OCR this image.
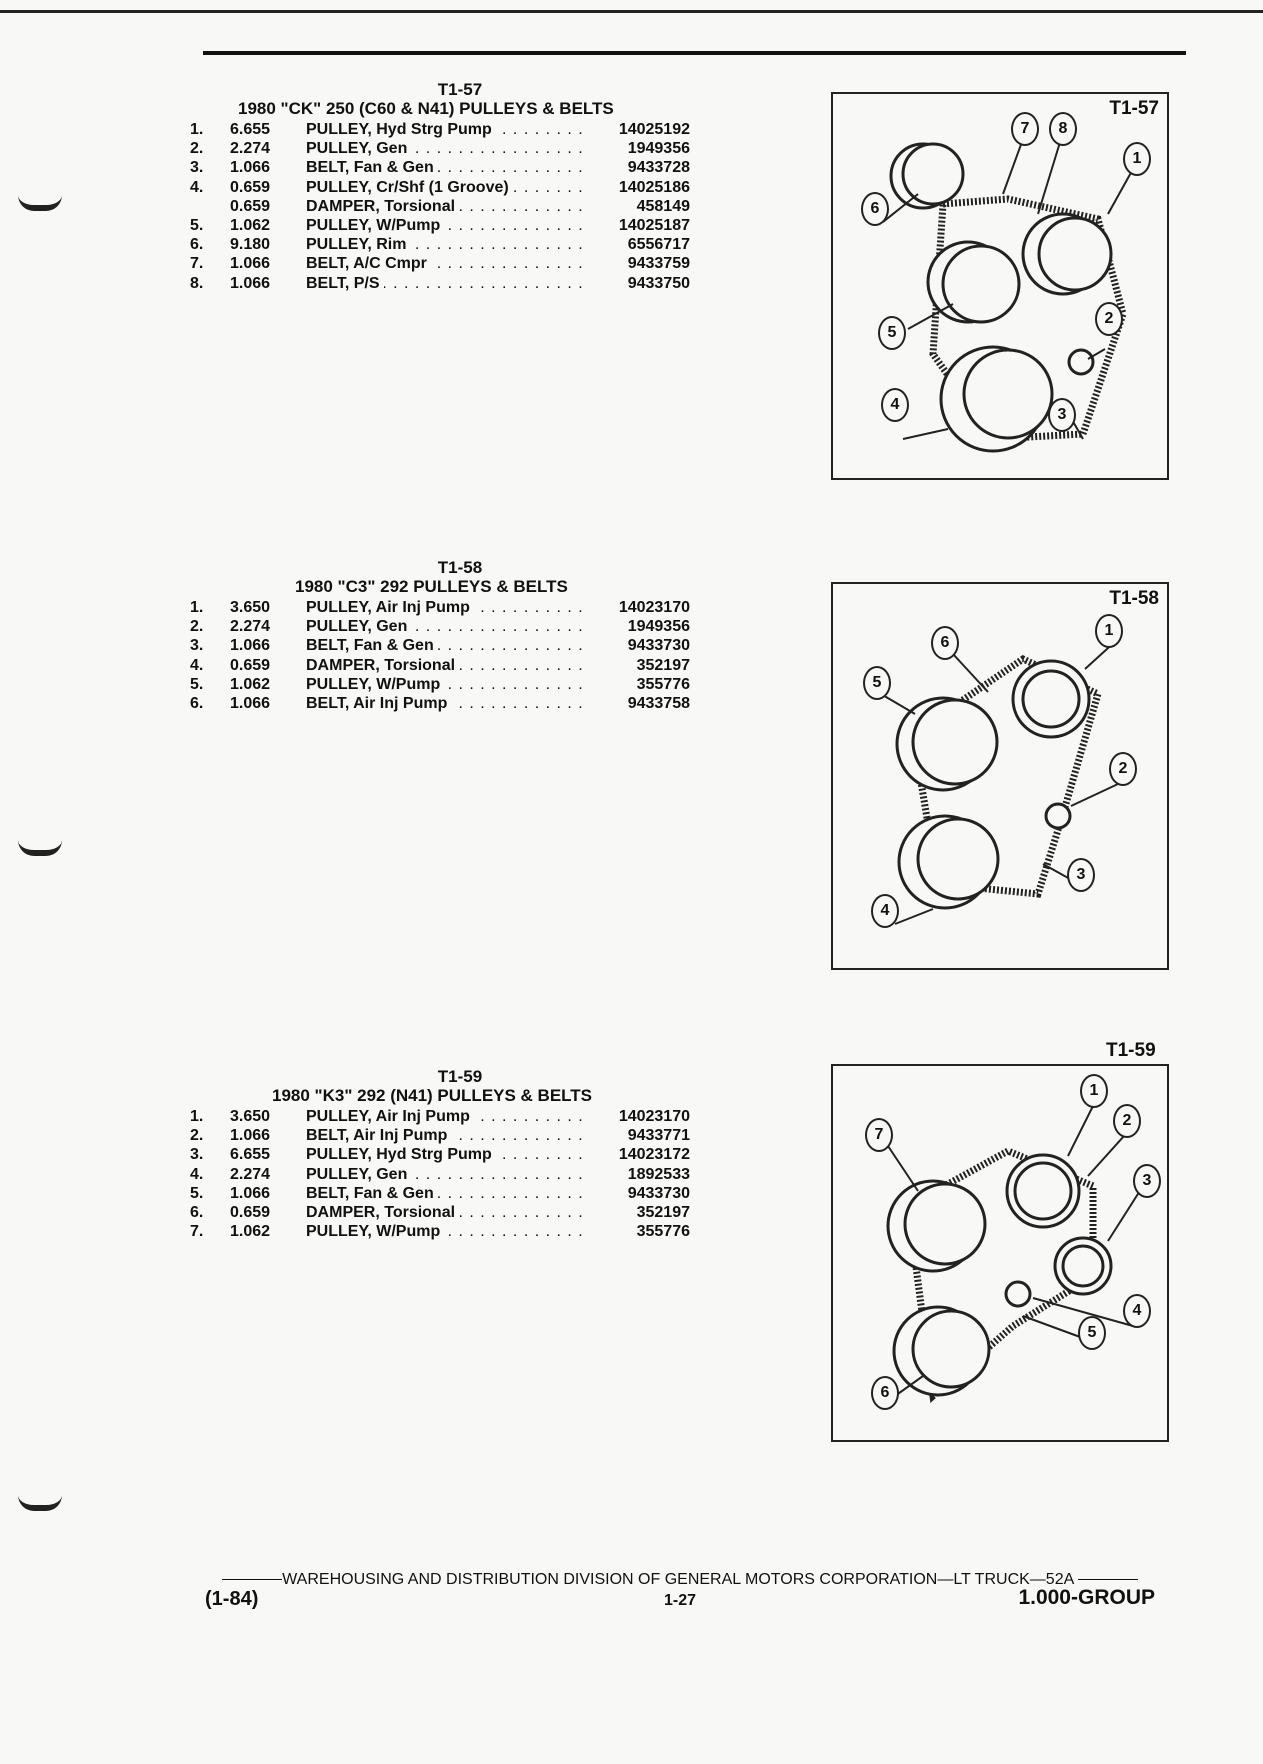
T1-57
1980 "CK" 250 (C60 & N41) PULLEYS & BELTS
1.	6.655	PULLEY, Hyd Strg Pump . . .	14025192
2.	2.274	PULLEY, Gen . . .	1949356
3.	1.066	BELT, Fan & Gen . . .	9433728
4.	0.659	PULLEY, Cr/Shf (1 Groove) . . .	14025186
0.659	DAMPER, Torsional . . .	458149
5.	1.062	PULLEY, W/Pump . . .	14025187
6.	9.180	PULLEY, Rim . . .	6556717
7.	1.066	BELT, A/C Cmpr . . .	9433759
8.	1.066	BELT, P/S . . .	9433750
T1-58
1980 "C3" 292 PULLEYS & BELTS
1.	3.650	PULLEY, Air Inj Pump . . .	14023170
2.	2.274	PULLEY, Gen . . .	1949356
3.	1.066	BELT, Fan & Gen . . .	9433730
4.	0.659	DAMPER, Torsional . . .	352197
5.	1.062	PULLEY, W/Pump . . .	355776
6.	1.066	BELT, Air Inj Pump . . .	9433758
T1-59
1980 "K3" 292 (N41) PULLEYS & BELTS
1.	3.650	PULLEY, Air Inj Pump . . .	14023170
2.	1.066	BELT, Air Inj Pump . . .	9433771
3.	6.655	PULLEY, Hyd Strg Pump . . .	14023172
4.	2.274	PULLEY, Gen . . .	1892533
5.	1.066	BELT, Fan & Gen . . .	9433730
6.	0.659	DAMPER, Torsional . . .	352197
7.	1.062	PULLEY, W/Pump . . .	355776
T1-57
7	8
1
6
2
5
4
3
T1-58
6
1
5
2
3
4
T1-59
1
2
7
3
4
5
6
WAREHOUSING AND DISTRIBUTION DIVISION OF GENERAL MOTORS CORPORATION—LT TRUCK—52A
(1-84)	1-27	1.000-GROUP
